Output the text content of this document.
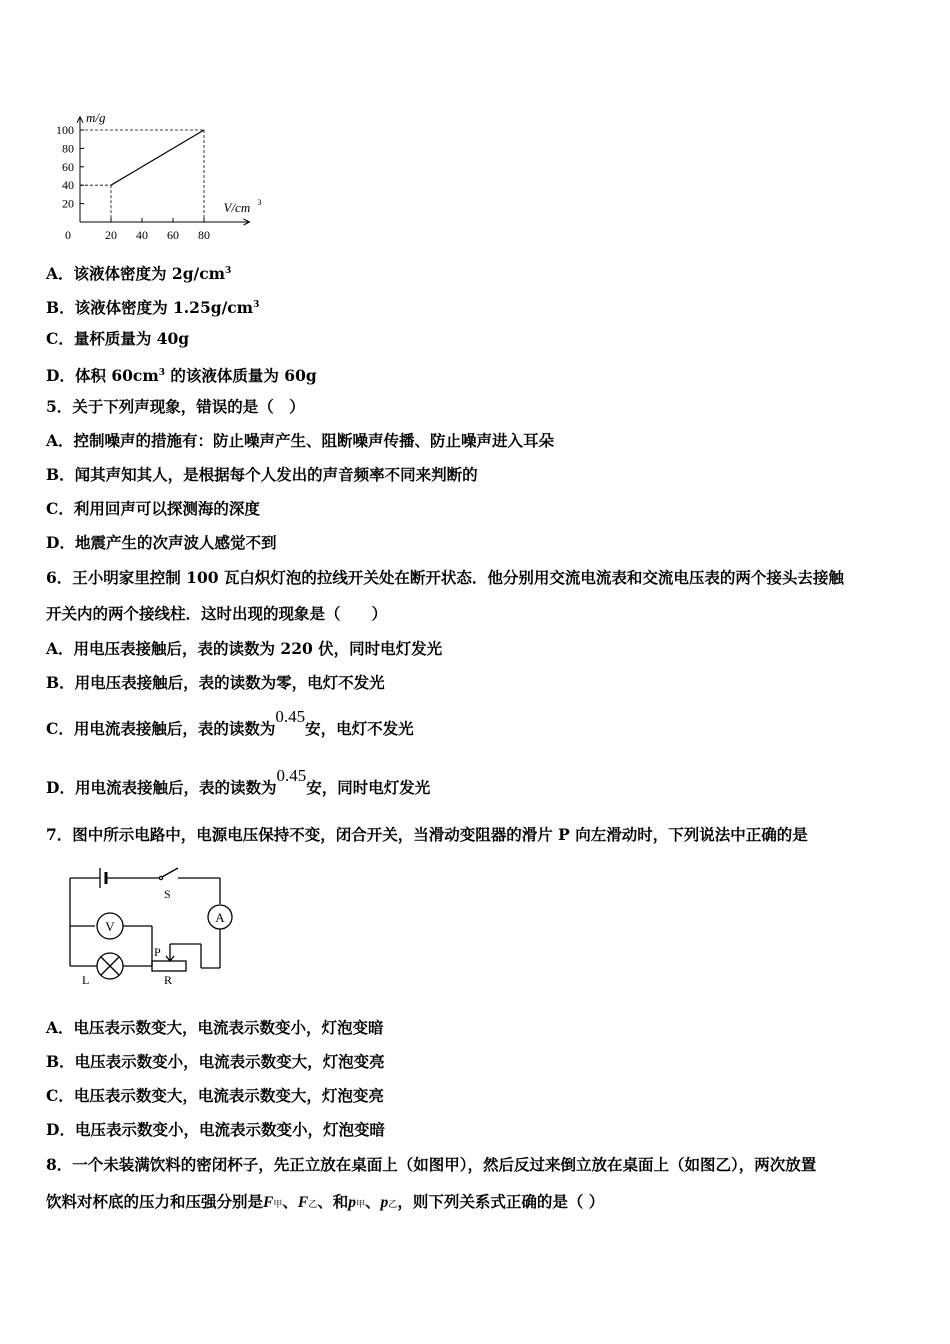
20 40 60 80
20
40
60
80
100
0
m/g
V/cm 3
A．该液体密度为 $2g/cm^3$
B．该液体密度为 $1.25g/cm^3$
C．量杯质量为 40g
D．体积 $60cm^3$ 的该液体质量为 60g
5．关于下列声现象，错误的是（　）
A．控制噪声的措施有：防止噪声产生、阻断噪声传播、防止噪声进入耳朵
B．闻其声知其人，是根据每个人发出的声音频率不同来判断的
C．利用回声可以探测海的深度
D．地震产生的次声波人感觉不到
6．王小明家里控制 100 瓦白炽灯泡的拉线开关处在断开状态．他分别用交流电流表和交流电压表的两个接头去接触
开关内的两个接线柱．这时出现的现象是（　　）
A．用电压表接触后，表的读数为 220 伏，同时电灯发光
B．用电压表接触后，表的读数为零，电灯不发光
C．用电流表接触后，表的读数为0.45安，电灯不发光
D．用电流表接触后，表的读数为0.45安，同时电灯发光
7．图中所示电路中，电源电压保持不变，闭合开关，当滑动变阻器的滑片 P 向左滑动时，下列说法中正确的是
S
A
V
P
L	R
A．电压表示数变大，电流表示数变小，灯泡变暗
B．电压表示数变小，电流表示数变大，灯泡变亮
C．电压表示数变大，电流表示数变大，灯泡变亮
D．电压表示数变小，电流表示数变小，灯泡变暗
8．一个未装满饮料的密闭杯子，先正立放在桌面上（如图甲），然后反过来倒立放在桌面上（如图乙），两次放置
饮料对杯底的压力和压强分别是F甲、F乙、和p甲、p乙，则下列关系式正确的是（ ）
